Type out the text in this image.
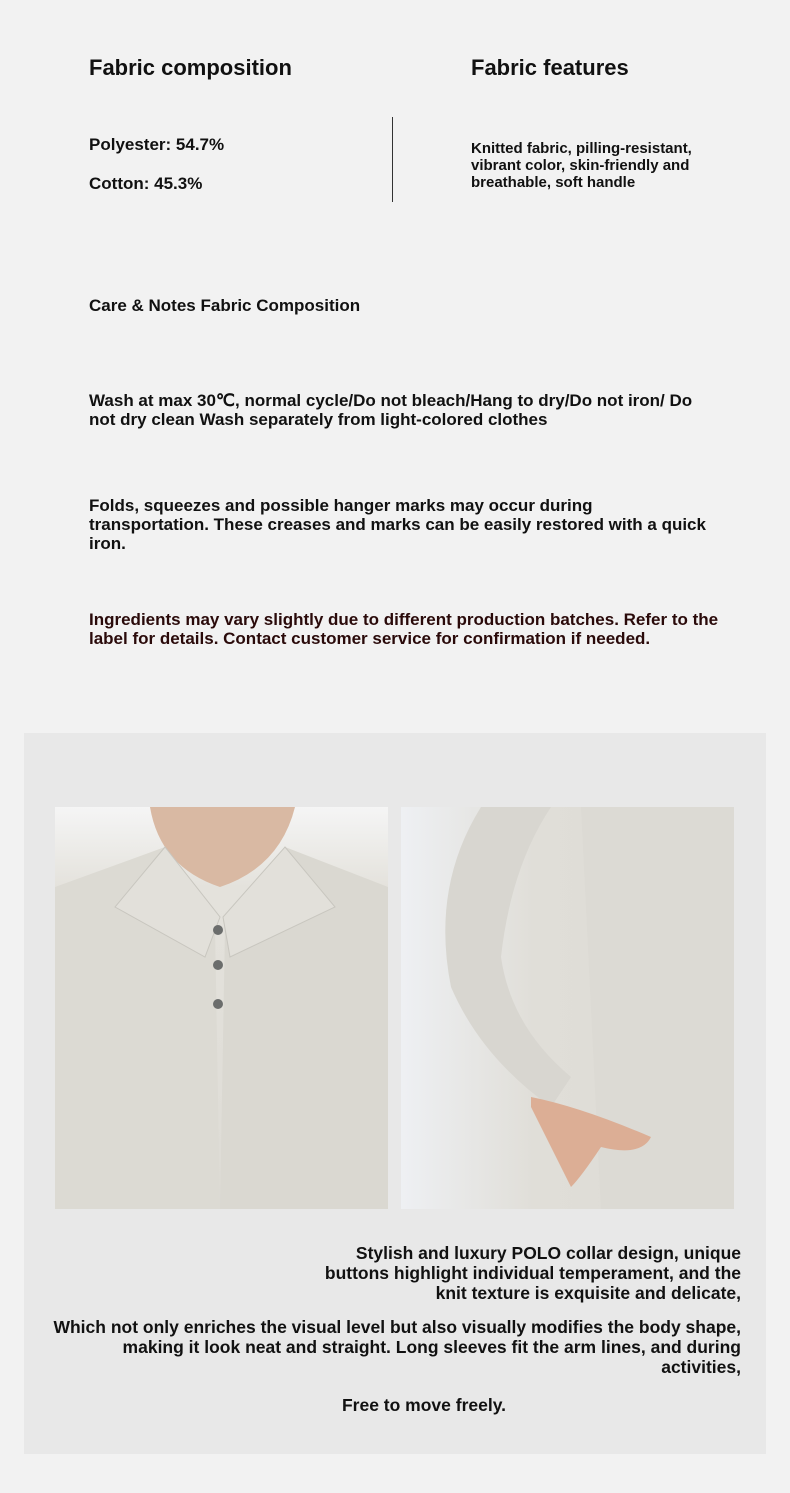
Fabric composition	Fabric features
Polyester: 54.7%
Cotton: 45.3%
Knitted fabric, pilling-resistant, vibrant color, skin-friendly and breathable, soft handle
Care & Notes Fabric Composition
Wash at max 30℃, normal cycle/Do not bleach/Hang to dry/Do not iron/ Do not dry clean Wash separately from light-colored clothes
Folds, squeezes and possible hanger marks may occur during transportation. These creases and marks can be easily restored with a quick iron.
Ingredients may vary slightly due to different production batches. Refer to the label for details. Contact customer service for confirmation if needed.
Stylish and luxury POLO collar design, unique buttons highlight individual temperament, and the knit texture is exquisite and delicate,
Which not only enriches the visual level but also visually modifies the body shape, making it look neat and straight. Long sleeves fit the arm lines, and during activities,
Free to move freely.
